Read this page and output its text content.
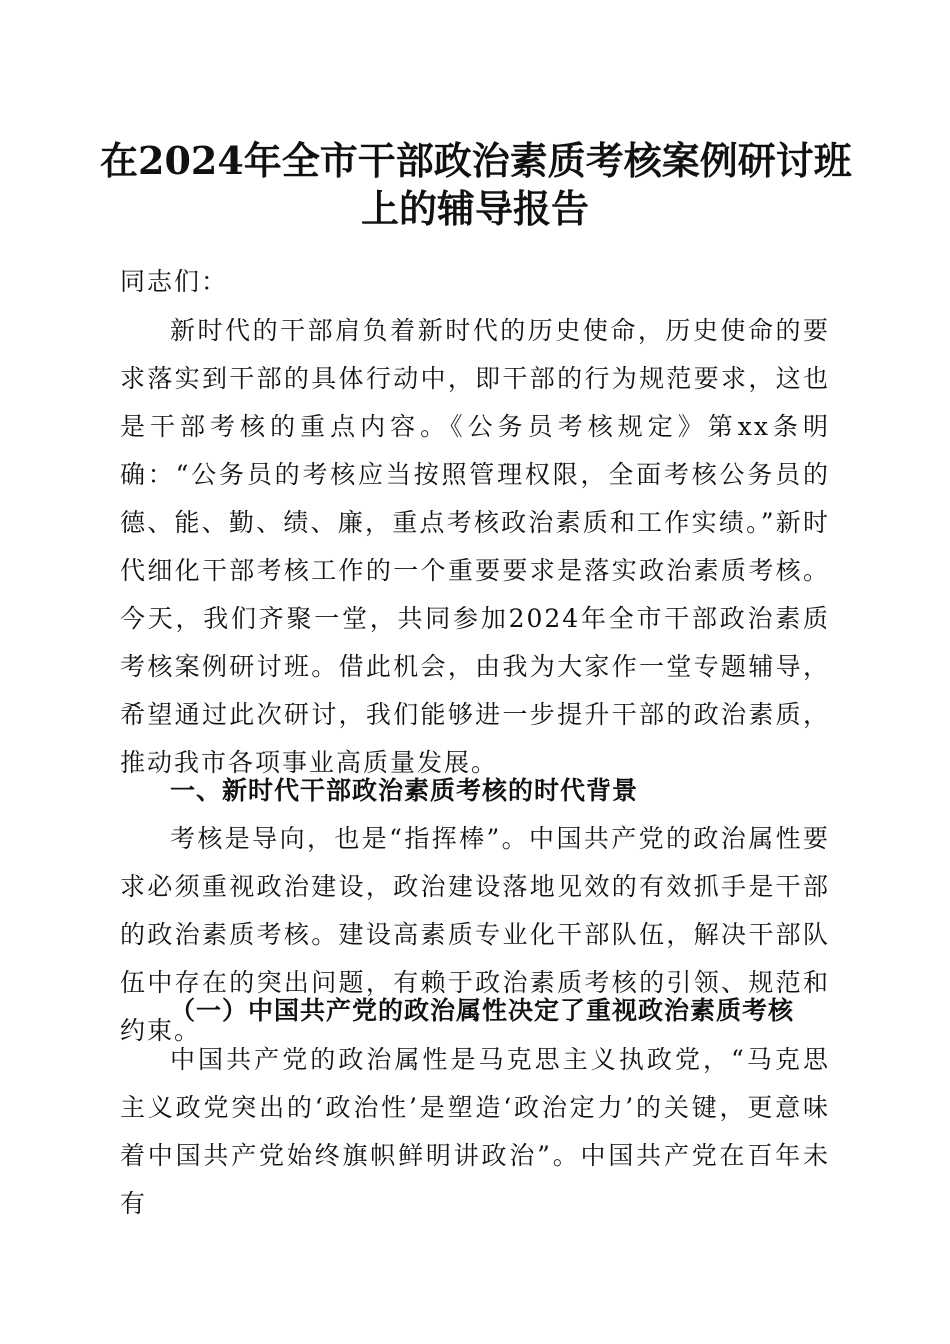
在2024年全市干部政治素质考核案例研讨班
上的辅导报告
同志们：
新时代的干部肩负着新时代的历史使命，历史使命的要求落实到干部的具体行动中，即干部的行为规范要求，这也是干部考核的重点内容。《公务员考核规定》第xx条明确：“公务员的考核应当按照管理权限，全面考核公务员的德、能、勤、绩、廉，重点考核政治素质和工作实绩。”新时代细化干部考核工作的一个重要要求是落实政治素质考核。今天，我们齐聚一堂，共同参加2024年全市干部政治素质考核案例研讨班。借此机会，由我为大家作一堂专题辅导，希望通过此次研讨，我们能够进一步提升干部的政治素质，推动我市各项事业高质量发展。
一、新时代干部政治素质考核的时代背景
考核是导向，也是“指挥棒”。中国共产党的政治属性要求必须重视政治建设，政治建设落地见效的有效抓手是干部的政治素质考核。建设高素质专业化干部队伍，解决干部队伍中存在的突出问题，有赖于政治素质考核的引领、规范和约束。
（一）中国共产党的政治属性决定了重视政治素质考核
中国共产党的政治属性是马克思主义执政党，“马克思主义政党突出的‘政治性’是塑造‘政治定力’的关键，更意味着中国共产党始终旗帜鲜明讲政治”。中国共产党在百年未有
